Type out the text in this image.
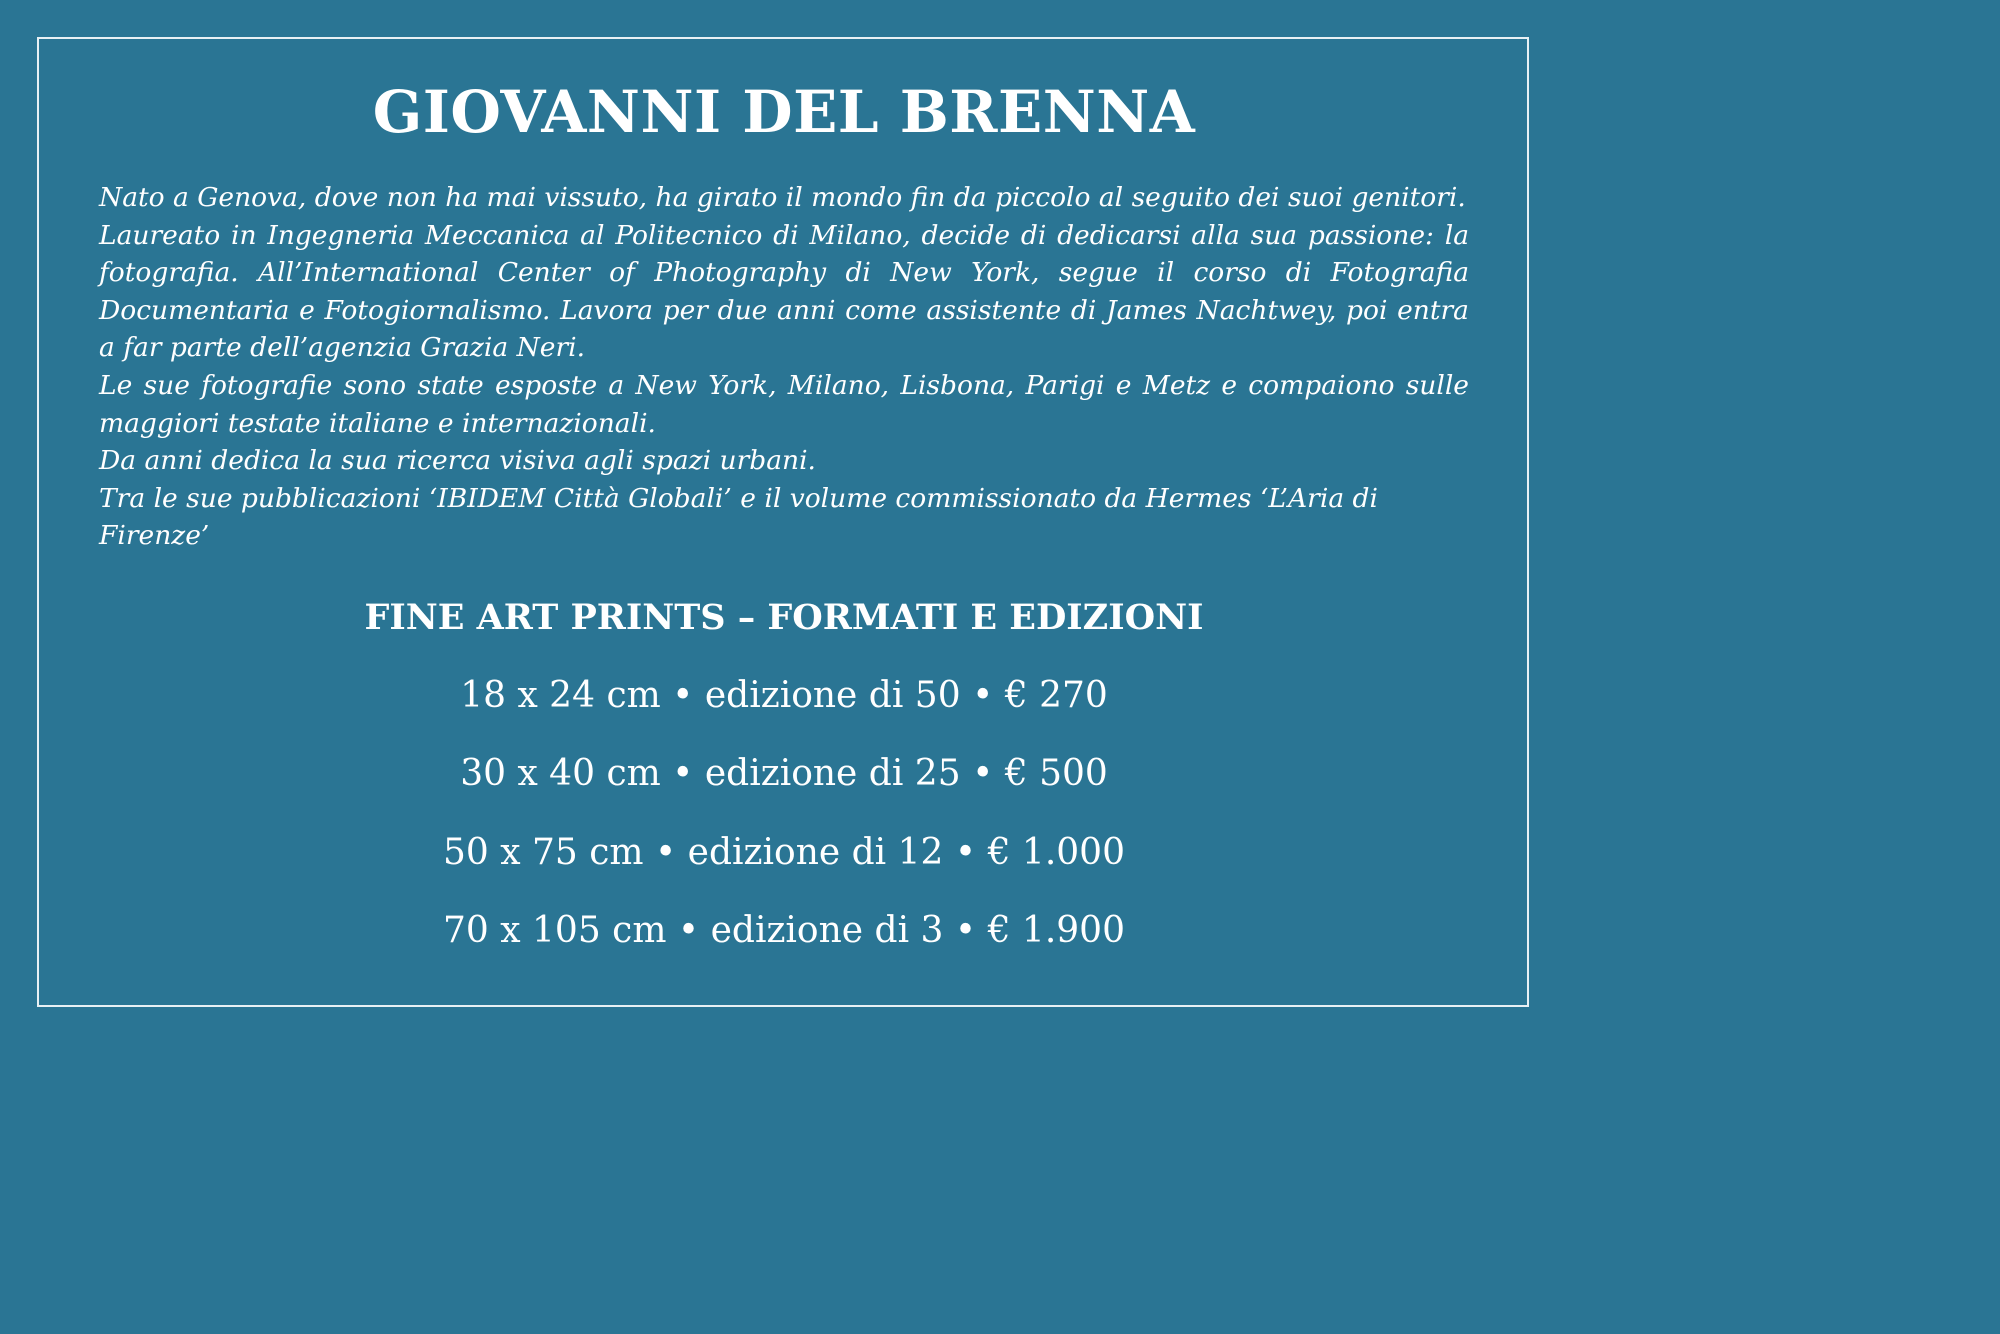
GIOVANNI DEL BRENNA

Nato a Genova, dove non ha mai vissuto, ha girato il mondo fin da piccolo al seguito dei suoi genitori.

Laureato in Ingegneria Meccanica al Politecnico di Milano, decide di dedicarsi alla sua passione: la fotografia. All’International Center of Photography di New York, segue il corso di Fotografia Documentaria e Fotogiornalismo. Lavora per due anni come assistente di James Nachtwey, poi entra a far parte dell’agenzia Grazia Neri.

Le sue fotografie sono state esposte a New York, Milano, Lisbona, Parigi e Metz e compaiono sulle maggiori testate italiane e internazionali.

Da anni dedica la sua ricerca visiva agli spazi urbani.

Tra le sue pubblicazioni ‘IBIDEM Città Globali’ e il volume commissionato da Hermes ‘L’Aria di Firenze’

FINE ART PRINTS – FORMATI E EDIZIONI
18 x 24 cm • edizione di 50 • € 270
30 x 40 cm • edizione di 25 • € 500
50 x 75 cm • edizione di 12 • € 1.000
70 x 105 cm • edizione di 3 • € 1.900
